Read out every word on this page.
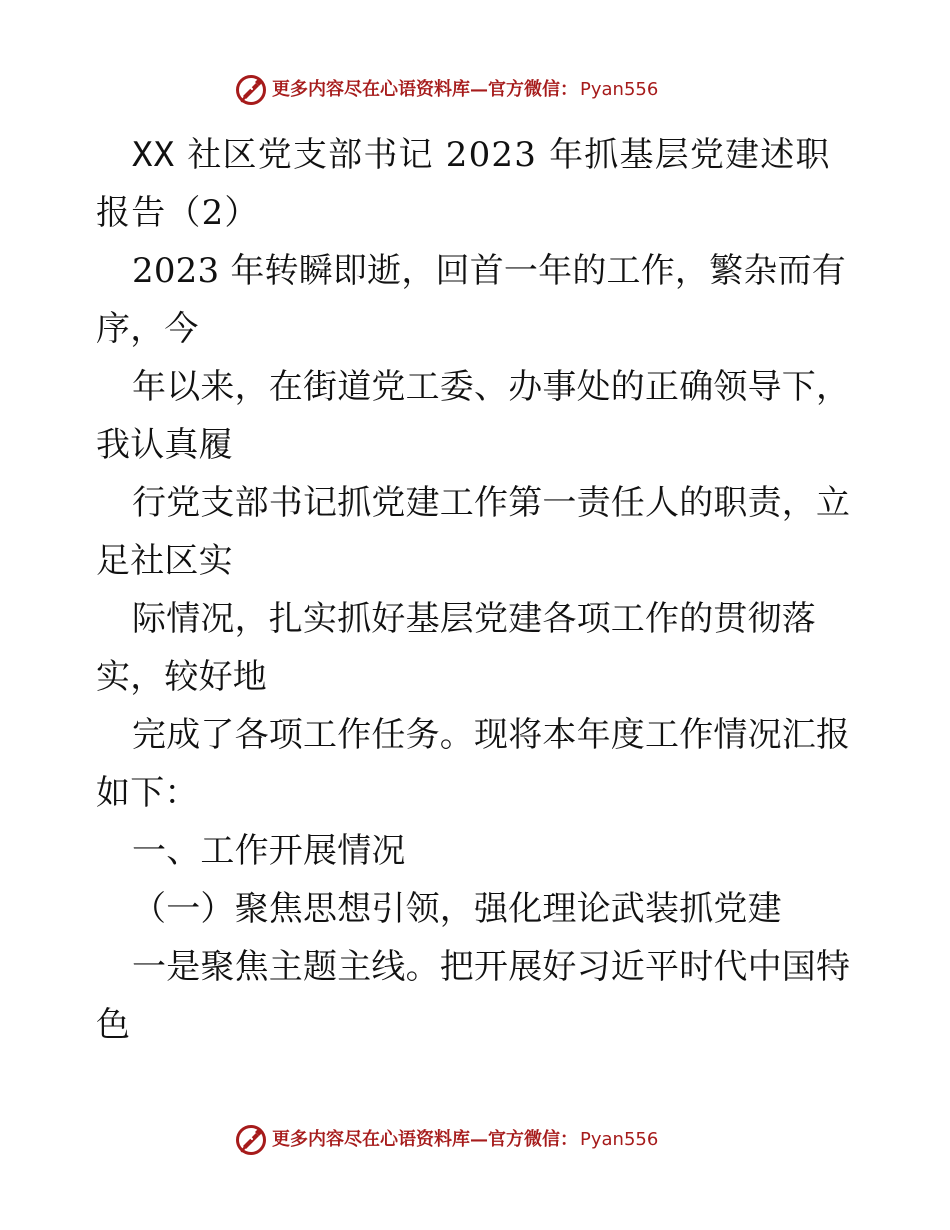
更多内容尽在心语资料库—官方微信： Pyan556

XX 社区党支部书记 2023 年抓基层党建述职报告（2）

2023 年转瞬即逝，回首一年的工作，繁杂而有序，今

年以来，在街道党工委、办事处的正确领导下，我认真履

行党支部书记抓党建工作第一责任人的职责，立足社区实

际情况，扎实抓好基层党建各项工作的贯彻落实，较好地

完成了各项工作任务。现将本年度工作情况汇报如下：

一、工作开展情况

（一）聚焦思想引领，强化理论武装抓党建

一是聚焦主题主线。把开展好习近平时代中国特色

更多内容尽在心语资料库—官方微信： Pyan556
